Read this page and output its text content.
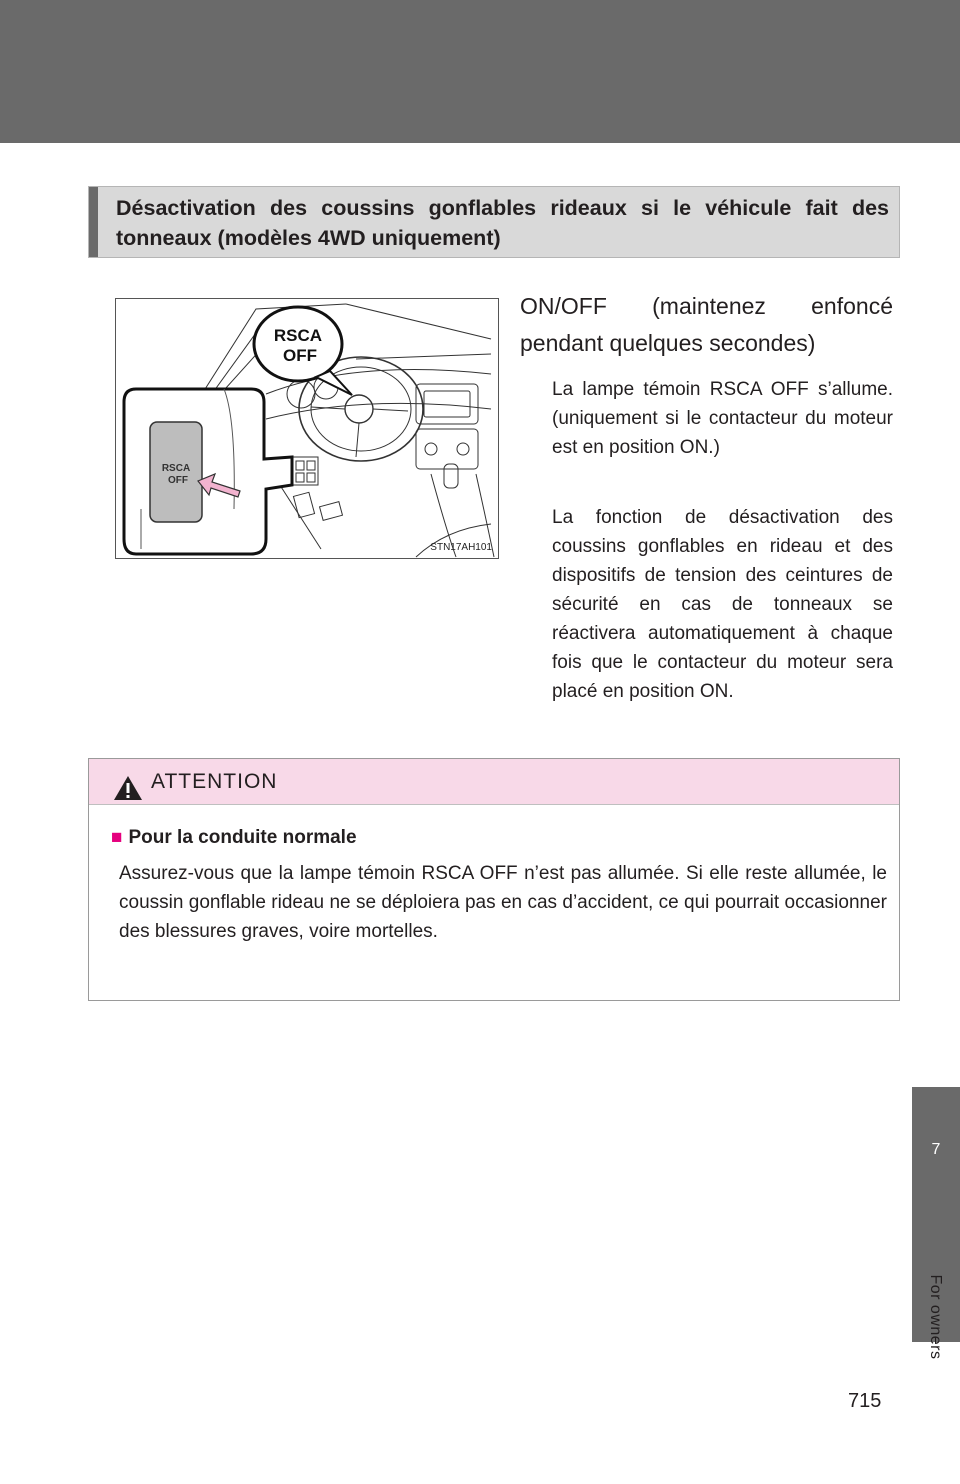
Désactivation des coussins gonflables rideaux si le véhicule fait des tonneaux (modèles 4WD uniquement)
RSCA
OFF
RSCA
OFF
STN17AH101
ON/OFF (maintenez enfoncé pendant quelques secondes)
La lampe témoin RSCA OFF s’allume. (uniquement si le contacteur du moteur est en position ON.)
La fonction de désactivation des coussins gonflables en rideau et des dispositifs de tension des ceintures de sécurité en cas de tonneaux se réactivera automatiquement à chaque fois que le contacteur du moteur sera placé en position ON.
ATTENTION
■ Pour la conduite normale
Assurez-vous que la lampe témoin RSCA OFF n’est pas allumée. Si elle reste allumée, le coussin gonflable rideau ne se déploiera pas en cas d’accident, ce qui pourrait occasionner des blessures graves, voire mortelles.
7
For owners
715
